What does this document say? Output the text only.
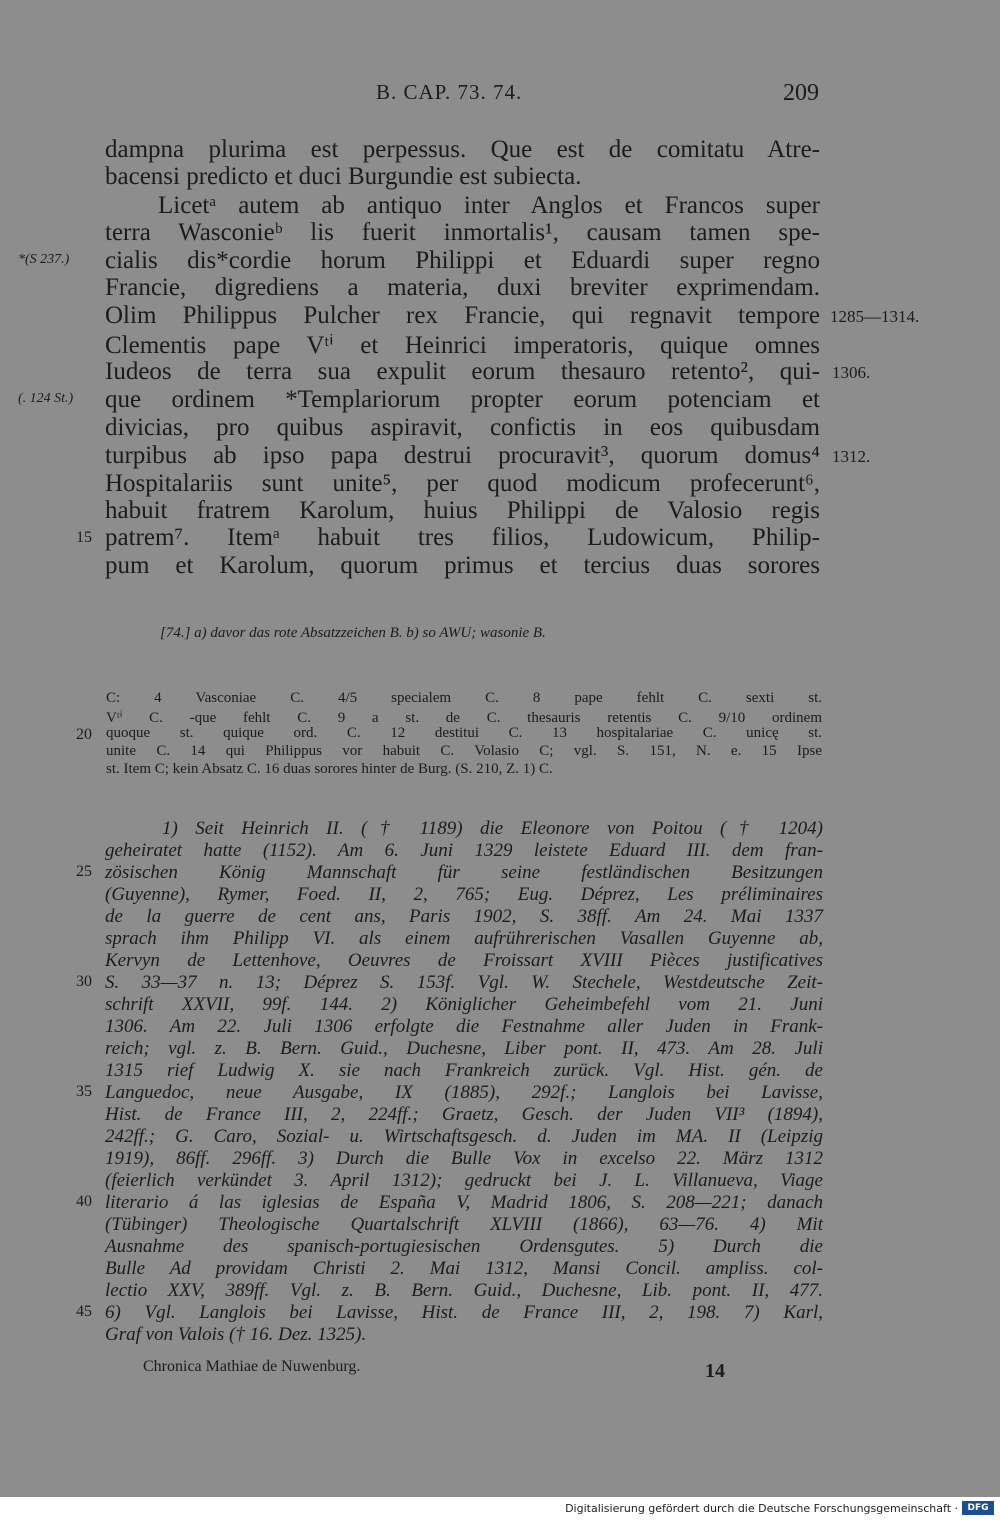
B. CAP. 73. 74.	209
dampna plurima est perpessus. Que est de comitatu Atre-
bacensi predicto et duci Burgundie est subiecta.
Licetᵃ autem ab antiquo inter Anglos et Francos super
terra Wasconieᵇ lis fuerit inmortalis¹, causam tamen spe-
cialis dis*cordie horum Philippi et Eduardi super regno
Francie, digrediens a materia, duxi breviter exprimendam.
Olim Philippus Pulcher rex Francie, qui regnavit tempore
Clementis pape Vᵗⁱ et Heinrici imperatoris, quique omnes
Iudeos de terra sua expulit eorum thesauro retento², qui-
que ordinem *Templariorum propter eorum potenciam et
divicias, pro quibus aspiravit, confictis in eos quibusdam
turpibus ab ipso papa destrui procuravit³, quorum domus⁴
Hospitalariis sunt unite⁵, per quod modicum profecerunt⁶,
habuit fratrem Karolum, huius Philippi de Valosio regis
patrem⁷. Itemᵃ habuit tres filios, Ludowicum, Philip-
pum et Karolum, quorum primus et tercius duas sorores
*(S 237.)
(. 124 St.)
15
1285—1314.
1306.
1312.
[74.] a) davor das rote Absatzzeichen B. b) so AWU; wasonie B.
C: 4 Vasconiae C. 4/5 specialem C. 8 pape fehlt C. sexti st.
Vᵗⁱ C. -que fehlt C. 9 a st. de C. thesauris retentis C. 9/10 ordinem
quoque st. quique ord. C. 12 destitui C. 13 hospitalariae C. unicę st.
unite C. 14 qui Philippus vor habuit C. Volasio C; vgl. S. 151, N. e. 15 Ipse
st. Item C; kein Absatz C. 16 duas sorores hinter de Burg. (S. 210, Z. 1) C.
20
1) Seit Heinrich II. († 1189) die Eleonore von Poitou († 1204)
geheiratet hatte (1152). Am 6. Juni 1329 leistete Eduard III. dem fran-
zösischen König Mannschaft für seine festländischen Besitzungen
(Guyenne), Rymer, Foed. II, 2, 765; Eug. Déprez, Les préliminaires
de la guerre de cent ans, Paris 1902, S. 38ff. Am 24. Mai 1337
sprach ihm Philipp VI. als einem aufrührerischen Vasallen Guyenne ab,
Kervyn de Lettenhove, Oeuvres de Froissart XVIII Pièces justificatives
S. 33—37 n. 13; Déprez S. 153f. Vgl. W. Stechele, Westdeutsche Zeit-
schrift XXVII, 99f. 144. 2) Königlicher Geheimbefehl vom 21. Juni
1306. Am 22. Juli 1306 erfolgte die Festnahme aller Juden in Frank-
reich; vgl. z. B. Bern. Guid., Duchesne, Liber pont. II, 473. Am 28. Juli
1315 rief Ludwig X. sie nach Frankreich zurück. Vgl. Hist. gén. de
Languedoc, neue Ausgabe, IX (1885), 292f.; Langlois bei Lavisse,
Hist. de France III, 2, 224ff.; Graetz, Gesch. der Juden VII³ (1894),
242ff.; G. Caro, Sozial- u. Wirtschaftsgesch. d. Juden im MA. II (Leipzig
1919), 86ff. 296ff. 3) Durch die Bulle Vox in excelso 22. März 1312
(feierlich verkündet 3. April 1312); gedruckt bei J. L. Villanueva, Viage
literario á las iglesias de España V, Madrid 1806, S. 208—221; danach
(Tübinger) Theologische Quartalschrift XLVIII (1866), 63—76. 4) Mit
Ausnahme des spanisch-portugiesischen Ordensgutes. 5) Durch die
Bulle Ad providam Christi 2. Mai 1312, Mansi Concil. ampliss. col-
lectio XXV, 389ff. Vgl. z. B. Bern. Guid., Duchesne, Lib. pont. II, 477.
6) Vgl. Langlois bei Lavisse, Hist. de France III, 2, 198. 7) Karl,
Graf von Valois († 16. Dez. 1325).
25
30
35
40
45
Chronica Mathiae de Nuwenburg.	14
Digitalisierung gefördert durch die Deutsche Forschungsgemeinschaft ·	DFG
